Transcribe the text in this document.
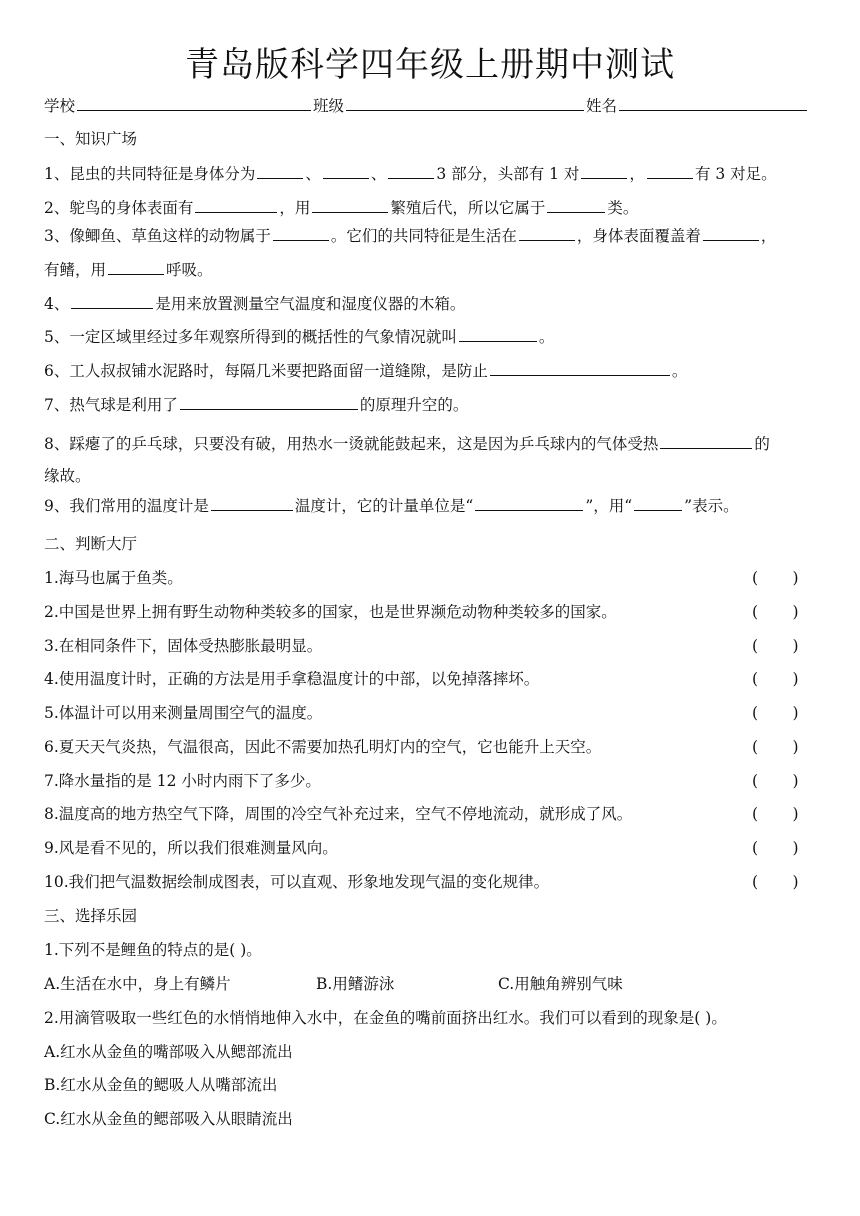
青岛版科学四年级上册期中测试
学校	班级	姓名
一、知识广场
1、昆虫的共同特征是身体分为	、	、	3 部分，头部有 1 对	，	有 3 对足。
2、鸵鸟的身体表面有	，用	繁殖后代，所以它属于	类。
3、像鲫鱼、草鱼这样的动物属于	。它们的共同特征是生活在	，身体表面覆盖着	，
有鳍，用	呼吸。
4、	是用来放置测量空气温度和湿度仪器的木箱。
5、一定区域里经过多年观察所得到的概括性的气象情况就叫	。
6、工人叔叔铺水泥路时，每隔几米要把路面留一道缝隙，是防止	。
7、热气球是利用了	的原理升空的。
8、踩瘪了的乒乓球，只要没有破，用热水一烫就能鼓起来，这是因为乒乓球内的气体受热	的
缘故。
9、我们常用的温度计是	温度计，它的计量单位是“	”，用“	”表示。
二、判断大厅
1.海马也属于鱼类。	(       )
2.中国是世界上拥有野生动物种类较多的国家，也是世界濒危动物种类较多的国家。	(       )
3.在相同条件下，固体受热膨胀最明显。	(       )
4.使用温度计时，正确的方法是用手拿稳温度计的中部，以免掉落摔坏。	(       )
5.体温计可以用来测量周围空气的温度。	(       )
6.夏天天气炎热，气温很高，因此不需要加热孔明灯内的空气，它也能升上天空。	(       )
7.降水量指的是 12 小时内雨下了多少。	(       )
8.温度高的地方热空气下降，周围的冷空气补充过来，空气不停地流动，就形成了风。	(       )
9.风是看不见的，所以我们很难测量风向。	(       )
10.我们把气温数据绘制成图表，可以直观、形象地发现气温的变化规律。	(       )
三、选择乐园
1.下列不是鲤鱼的特点的是( )。
A.生活在水中，身上有鳞片	B.用鳍游泳	C.用触角辨别气味
2.用滴管吸取一些红色的水悄悄地伸入水中，在金鱼的嘴前面挤出红水。我们可以看到的现象是( )。
A.红水从金鱼的嘴部吸入从鳃部流出
B.红水从金鱼的鳃吸人从嘴部流出
C.红水从金鱼的鳃部吸入从眼睛流出
